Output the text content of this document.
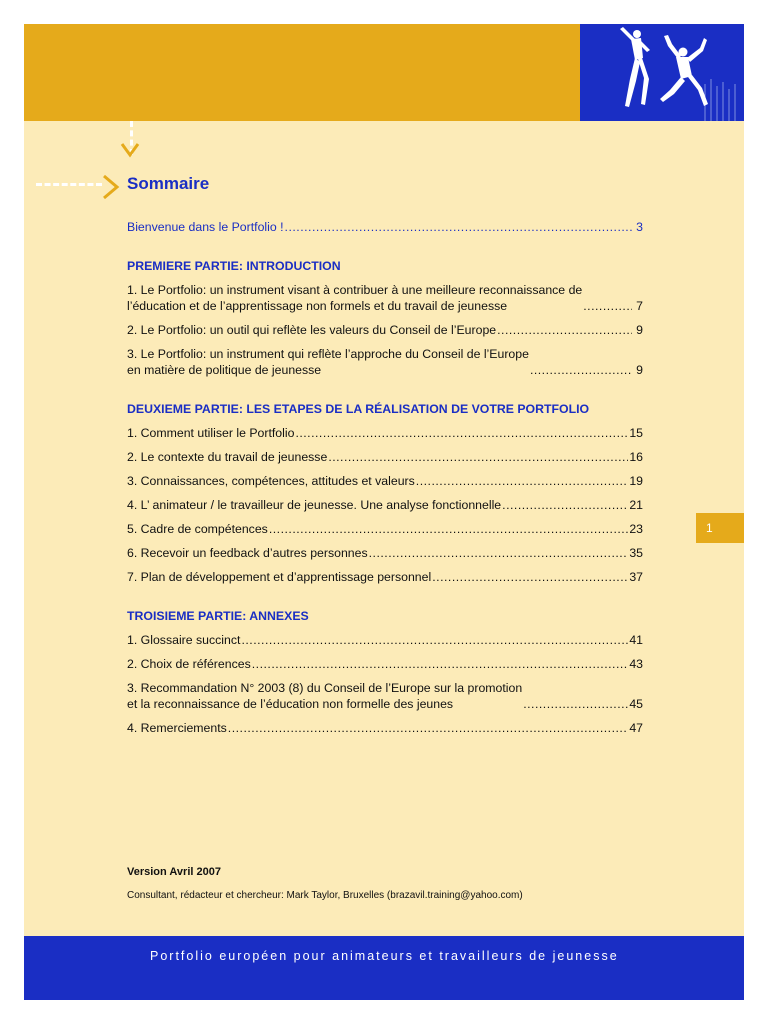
Sommaire
Bienvenue dans le Portfolio ! .....	3
PREMIERE PARTIE: INTRODUCTION
1. Le Portfolio: un instrument visant à contribuer à une meilleure reconnaissance de
l’éducation et de l’apprentissage non formels et du travail de jeunesse .....	7
2. Le Portfolio: un outil qui reflète les valeurs du Conseil de l’Europe .....	9
3. Le Portfolio: un instrument qui reflète l’approche du Conseil de l’Europe
en matière de politique de jeunesse .....	9
DEUXIEME PARTIE: LES ETAPES DE LA RÉALISATION DE VOTRE PORTFOLIO
1. Comment utiliser le Portfolio .....	15
2. Le contexte du travail de jeunesse .....	16
3. Connaissances, compétences, attitudes et valeurs .....	19
4. L’ animateur / le travailleur de jeunesse. Une analyse fonctionnelle .....	21
5. Cadre de compétences .....	23
6. Recevoir un feedback d’autres personnes .....	35
7. Plan de développement et d’apprentissage personnel .....	37
TROISIEME PARTIE: ANNEXES
1. Glossaire succinct .....	41
2. Choix de références .....	43
3. Recommandation N° 2003 (8) du Conseil de l’Europe sur la promotion
et la reconnaissance de l’éducation non formelle des jeunes .....	45
4. Remerciements .....	47
1
Version Avril 2007
Consultant, rédacteur et chercheur: Mark Taylor, Bruxelles (brazavil.training@yahoo.com)
Portfolio européen pour animateurs et travailleurs de jeunesse
